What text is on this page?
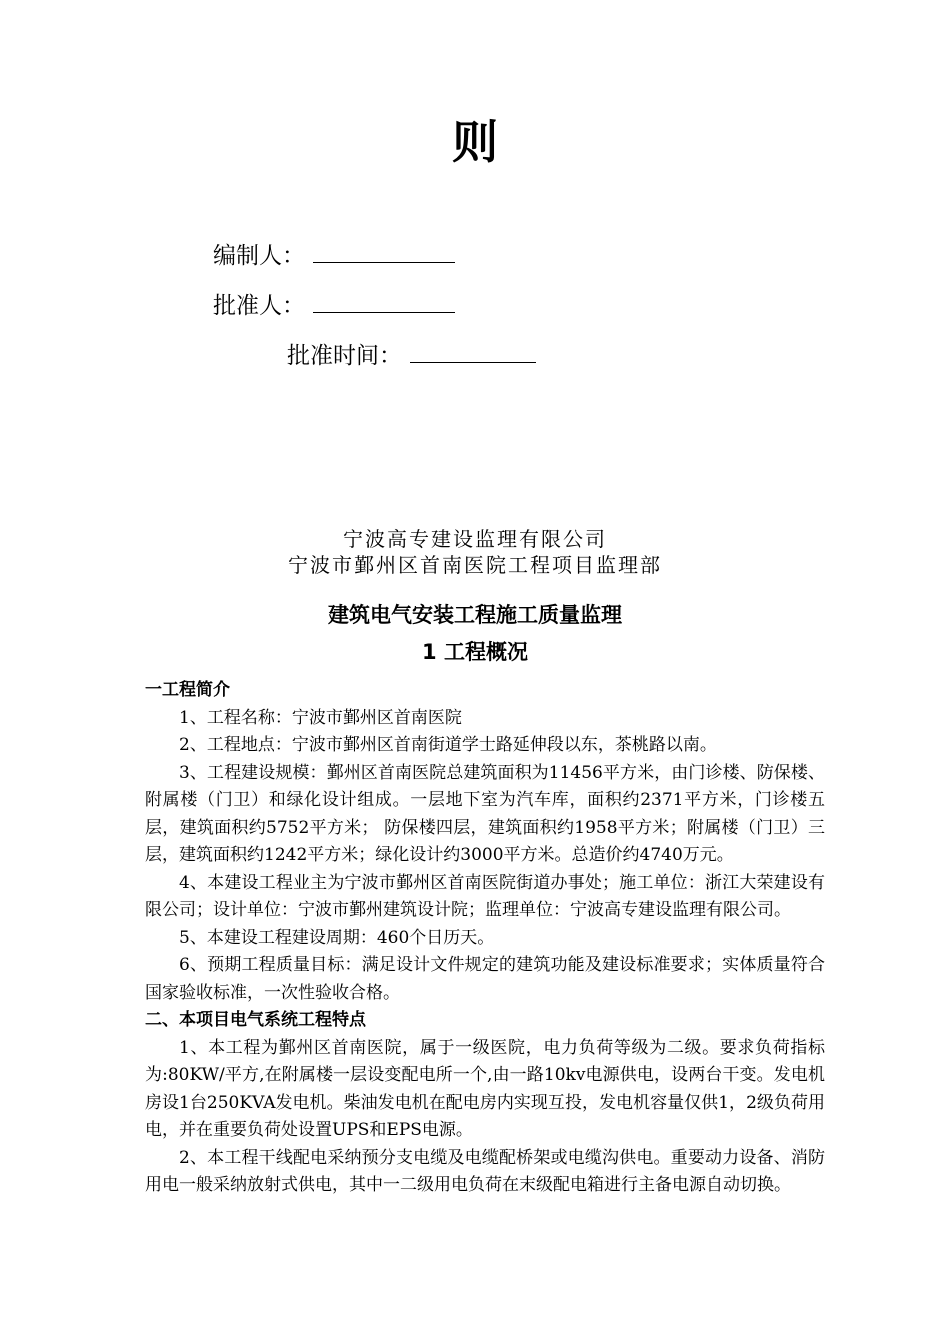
则
编制人：
批准人：
批准时间：
宁波高专建设监理有限公司
宁波市鄞州区首南医院工程项目监理部
建筑电气安装工程施工质量监理
1 工程概况
一工程简介

1、工程名称：宁波市鄞州区首南医院

2、工程地点：宁波市鄞州区首南街道学士路延伸段以东，茶桃路以南。

3、工程建设规模：鄞州区首南医院总建筑面积为11456平方米，由门诊楼、防保楼、附属楼（门卫）和绿化设计组成。一层地下室为汽车库，面积约2371平方米，门诊楼五层，建筑面积约5752平方米； 防保楼四层，建筑面积约1958平方米；附属楼（门卫）三层，建筑面积约1242平方米；绿化设计约3000平方米。总造价约4740万元。

4、本建设工程业主为宁波市鄞州区首南医院街道办事处；施工单位：浙江大荣建设有限公司；设计单位：宁波市鄞州建筑设计院；监理单位：宁波高专建设监理有限公司。

5、本建设工程建设周期：460个日历天。

6、预期工程质量目标：满足设计文件规定的建筑功能及建设标准要求；实体质量符合国家验收标准，一次性验收合格。

二、本项目电气系统工程特点

1、本工程为鄞州区首南医院，属于一级医院，电力负荷等级为二级。要求负荷指标为:80KW/平方,在附属楼一层设变配电所一个,由一路10kv电源供电，设两台干变。发电机房设1台250KVA发电机。柴油发电机在配电房内实现互投，发电机容量仅供1，2级负荷用电，并在重要负荷处设置UPS和EPS电源。

2、本工程干线配电采纳预分支电缆及电缆配桥架或电缆沟供电。重要动力设备、消防用电一般采纳放射式供电，其中一二级用电负荷在末级配电箱进行主备电源自动切换。
